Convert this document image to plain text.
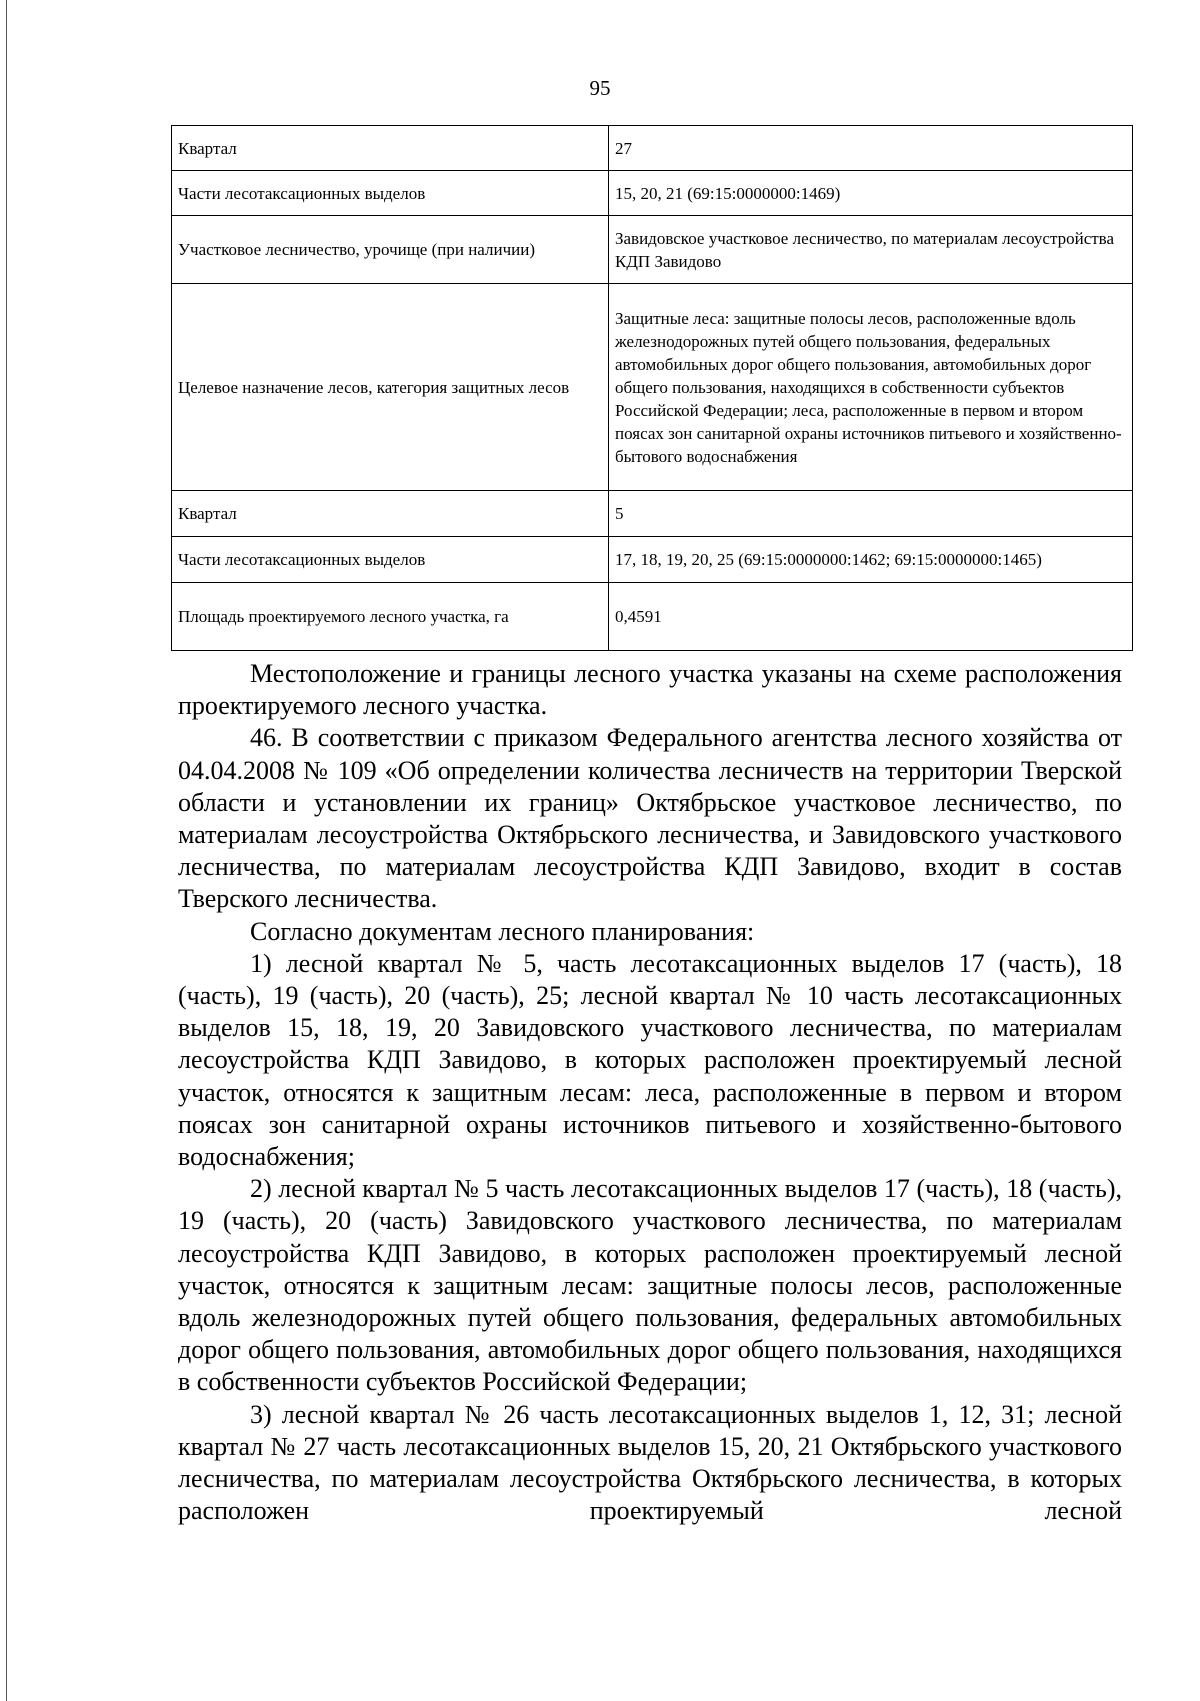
95
Квартал	27
Части лесотаксационных выделов	15, 20, 21 (69:15:0000000:1469)
Участковое лесничество, урочище (при наличии)	Завидовское участковое лесничество, по материалам лесоустройства КДП Завидово
Целевое назначение лесов, категория защитных лесов	Защитные леса: защитные полосы лесов, расположенные вдоль железнодорожных путей общего пользования, федеральных автомобильных дорог общего пользования, автомобильных дорог общего пользования, находящихся в собственности субъектов Российской Федерации; леса, расположенные в первом и втором поясах зон санитарной охраны источников питьевого и хозяйственно-бытового водоснабжения
Квартал	5
Части лесотаксационных выделов	17, 18, 19, 20, 25 (69:15:0000000:1462; 69:15:0000000:1465)
Площадь проектируемого лесного участка, га	0,4591

Местоположение и границы лесного участка указаны на схеме расположения проектируемого лесного участка.

46. В соответствии с приказом Федерального агентства лесного хозяйства от 04.04.2008 № 109 «Об определении количества лесничеств на территории Тверской области и установлении их границ» Октябрьское участковое лесничество, по материалам лесоустройства Октябрьского лесничества, и Завидовского участкового лесничества, по материалам лесоустройства КДП Завидово, входит в состав Тверского лесничества.

Согласно документам лесного планирования:

1) лесной квартал № 5, часть лесотаксационных выделов 17 (часть), 18 (часть), 19 (часть), 20 (часть), 25; лесной квартал № 10 часть лесотаксационных выделов 15, 18, 19, 20 Завидовского участкового лесничества, по материалам лесоустройства КДП Завидово, в которых расположен проектируемый лесной участок, относятся к защитным лесам: леса, расположенные в первом и втором поясах зон санитарной охраны источников питьевого и хозяйственно-бытового водоснабжения;

2) лесной квартал № 5 часть лесотаксационных выделов 17 (часть), 18 (часть), 19 (часть), 20 (часть) Завидовского участкового лесничества, по материалам лесоустройства КДП Завидово, в которых расположен проектируемый лесной участок, относятся к защитным лесам: защитные полосы лесов, расположенные вдоль железнодорожных путей общего пользования, федеральных автомобильных дорог общего пользования, автомобильных дорог общего пользования, находящихся в собственности субъектов Российской Федерации;

3) лесной квартал № 26 часть лесотаксационных выделов 1, 12, 31; лесной квартал № 27 часть лесотаксационных выделов 15, 20, 21 Октябрьского участкового лесничества, по материалам лесоустройства Октябрьского лесничества, в которых расположен проектируемый лесной
